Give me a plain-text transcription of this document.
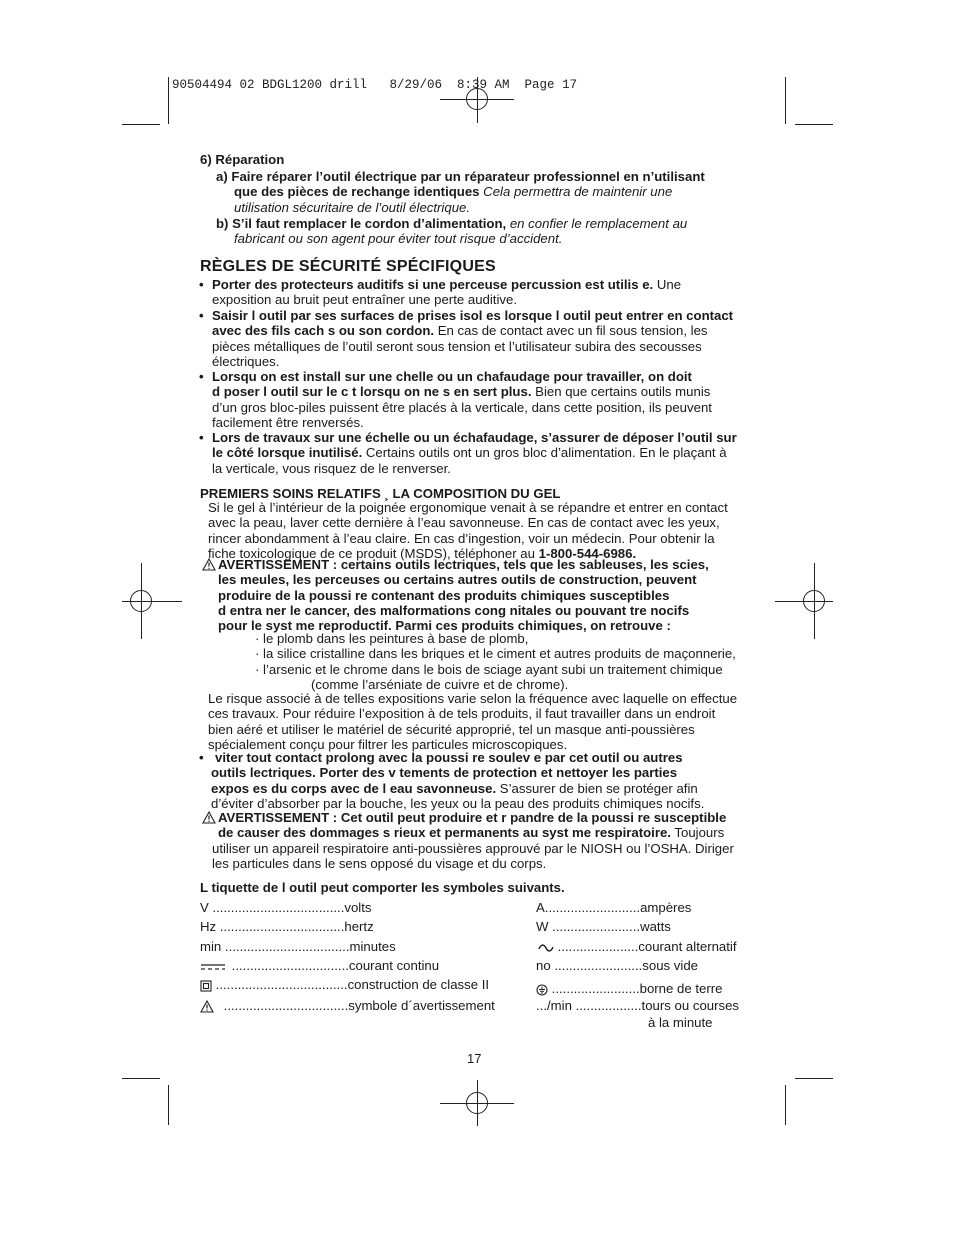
90504494 02 BDGL1200 drill   8/29/06  8:39 AM  Page 17
6) Réparation
a) Faire réparer l’outil électrique par un réparateur professionnel en n’utilisant
que des pièces de rechange identiques Cela permettra de maintenir une
utilisation sécuritaire de l’outil électrique.
b) S’il faut remplacer le cordon d’alimentation, en confier le remplacement au
fabricant ou son agent pour éviter tout risque d’accident.
RÈGLES DE SÉCURITÉ SPÉCIFIQUES
• Porter des protecteurs auditifs si une perceuse percussion est utilis e. Une
exposition au bruit peut entraîner une perte auditive.
• Saisir l outil par ses surfaces de prises isol es lorsque l outil peut entrer en contact
avec des fils cach s ou son cordon. En cas de contact avec un fil sous tension, les
pièces métalliques de l’outil seront sous tension et l’utilisateur subira des secousses
électriques.
• Lorsqu on est install sur une chelle ou un chafaudage pour travailler, on doit
d poser l outil sur le c t lorsqu on ne s en sert plus. Bien que certains outils munis
d’un gros bloc-piles puissent être placés à la verticale, dans cette position, ils peuvent
facilement être renversés.
• Lors de travaux sur une échelle ou un échafaudage, s’assurer de déposer l’outil sur
le côté lorsque inutilisé. Certains outils ont un gros bloc d’alimentation. En le plaçant à
la verticale, vous risquez de le renverser.
PREMIERS SOINS RELATIFS ¸ LA COMPOSITION DU GEL
Si le gel à l’intérieur de la poignée ergonomique venait à se répandre et entrer en contact
avec la peau, laver cette dernière à l’eau savonneuse. En cas de contact avec les yeux,
rincer abondamment à l’eau claire. En cas d’ingestion, voir un médecin. Pour obtenir la
fiche toxicologique de ce produit (MSDS), téléphoner au 1-800-544-6986.
AVERTISSEMENT : certains outils lectriques, tels que les sableuses, les scies,
les meules, les perceuses ou certains autres outils de construction, peuvent
produire de la poussi re contenant des produits chimiques susceptibles
d entra ner le cancer, des malformations cong nitales ou pouvant tre nocifs
pour le syst me reproductif. Parmi ces produits chimiques, on retrouve :
· le plomb dans les peintures à base de plomb,
· la silice cristalline dans les briques et le ciment et autres produits de maçonnerie,
· l’arsenic et le chrome dans le bois de sciage ayant subi un traitement chimique
(comme l’arséniate de cuivre et de chrome).
Le risque associé à de telles expositions varie selon la fréquence avec laquelle on effectue
ces travaux. Pour réduire l’exposition à de tels produits, il faut travailler dans un endroit
bien aéré et utiliser le matériel de sécurité approprié, tel un masque anti-poussières
spécialement conçu pour filtrer les particules microscopiques.
• viter tout contact prolong avec la poussi re soulev e par cet outil ou autres
outils lectriques. Porter des v tements de protection et nettoyer les parties
expos es du corps avec de l eau savonneuse. S’assurer de bien se protéger afin
d’éviter d’absorber par la bouche, les yeux ou la peau des produits chimiques nocifs.
AVERTISSEMENT : Cet outil peut produire et r pandre de la poussi re susceptible
de causer des dommages s rieux et permanents au syst me respiratoire. Toujours
utiliser un appareil respiratoire anti-poussières approuvé par le NIOSH ou l’OSHA. Diriger
les particules dans le sens opposé du visage et du corps.
L tiquette de l outil peut comporter les symboles suivants.
V ....................................volts
Hz ..................................hertz
min ..................................minutes
................................courant continu
....................................construction de classe II
..................................symbole d´avertissement
A..........................ampères
W ........................watts
......................courant alternatif
no ........................sous vide
........................borne de terre
.../min ..................tours ou courses
à la minute
17
